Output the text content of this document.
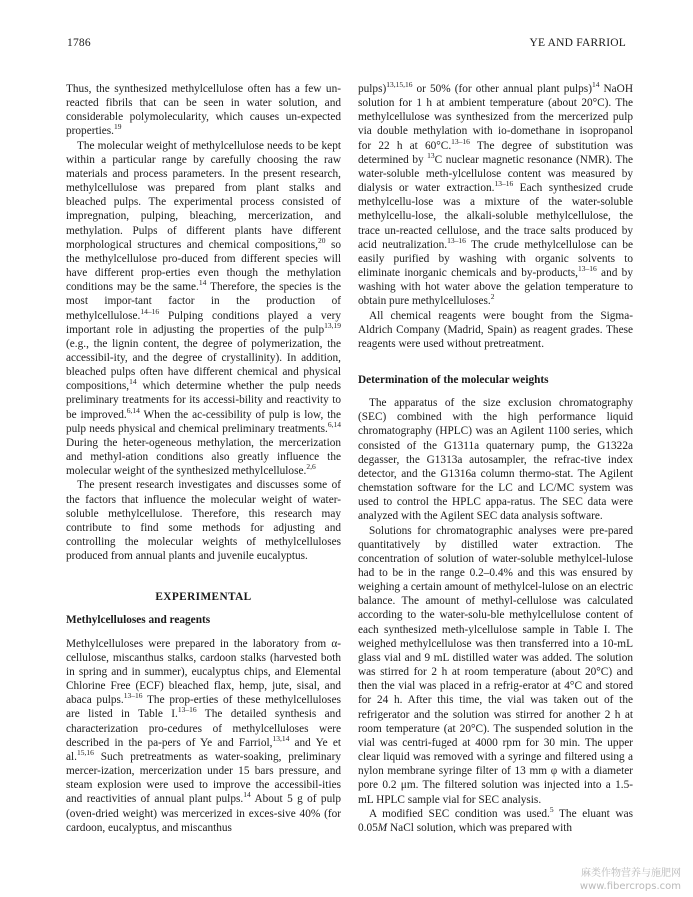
1786	YE AND FARRIOL

Thus, the synthesized methylcellulose often has a few un-reacted fibrils that can be seen in water solution, and considerable polymolecularity, which causes un-expected properties.$^{19}$

The molecular weight of methylcellulose needs to be kept within a particular range by carefully choosing the raw materials and process parameters. In the present research, methylcellulose was prepared from plant stalks and bleached pulps. The experimental process consisted of impregnation, pulping, bleaching, mercerization, and methylation. Pulps of different plants have different morphological structures and chemical compositions,$^{20}$ so the methylcellulose pro-duced from different species will have different prop-erties even though the methylation conditions may be the same.$^{14}$ Therefore, the species is the most impor-tant factor in the production of methylcellulose.$^{14-16}$ Pulping conditions played a very important role in adjusting the properties of the pulp$^{13,19}$ (e.g., the lignin content, the degree of polymerization, the accessibil-ity, and the degree of crystallinity). In addition, bleached pulps often have different chemical and physical compositions,$^{14}$ which determine whether the pulp needs preliminary treatments for its accessi-bility and reactivity to be improved.$^{6,14}$ When the ac-cessibility of pulp is low, the pulp needs physical and chemical preliminary treatments.$^{6,14}$ During the heter-ogeneous methylation, the mercerization and methyl-ation conditions also greatly influence the molecular weight of the synthesized methylcellulose.$^{2,6}$

The present research investigates and discusses some of the factors that influence the molecular weight of water-soluble methylcellulose. Therefore, this research may contribute to find some methods for adjusting and controlling the molecular weights of methylcelluloses produced from annual plants and juvenile eucalyptus.

EXPERIMENTAL

Methylcelluloses and reagents

Methylcelluloses were prepared in the laboratory from α-cellulose, miscanthus stalks, cardoon stalks (harvested both in spring and in summer), eucalyptus chips, and Elemental Chlorine Free (ECF) bleached flax, hemp, jute, sisal, and abaca pulps.$^{13-16}$ The prop-erties of these methylcelluloses are listed in Table I.$^{13-16}$ The detailed synthesis and characterization pro-cedures of methylcelluloses were described in the pa-pers of Ye and Farriol,$^{13,14}$ and Ye et al.$^{15,16}$ Such pretreatments as water-soaking, preliminary mercer-ization, mercerization under 15 bars pressure, and steam explosion were used to improve the accessibil-ities and reactivities of annual plant pulps.$^{14}$ About 5 g of pulp (oven-dried weight) was mercerized in exces-sive 40% (for cardoon, eucalyptus, and miscanthus

pulps)$^{13,15,16}$ or 50% (for other annual plant pulps)$^{14}$ NaOH solution for 1 h at ambient temperature (about 20°C). The methylcellulose was synthesized from the mercerized pulp via double methylation with io-domethane in isopropanol for 22 h at 60°C.$^{13-16}$ The degree of substitution was determined by $^{13}$C nuclear magnetic resonance (NMR). The water-soluble meth-ylcellulose content was measured by dialysis or water extraction.$^{13-16}$ Each synthesized crude methylcellu-lose was a mixture of the water-soluble methylcellu-lose, the alkali-soluble methylcellulose, the trace un-reacted cellulose, and the trace salts produced by acid neutralization.$^{13-16}$ The crude methylcellulose can be easily purified by washing with organic solvents to eliminate inorganic chemicals and by-products,$^{13-16}$ and by washing with hot water above the gelation temperature to obtain pure methylcelluloses.$^2$

All chemical reagents were bought from the Sigma-Aldrich Company (Madrid, Spain) as reagent grades. These reagents were used without pretreatment.

Determination of the molecular weights

The apparatus of the size exclusion chromatography (SEC) combined with the high performance liquid chromatography (HPLC) was an Agilent 1100 series, which consisted of the G1311a quaternary pump, the G1322a degasser, the G1313a autosampler, the refrac-tive index detector, and the G1316a column thermo-stat. The Agilent chemstation software for the LC and LC/MC system was used to control the HPLC appa-ratus. The SEC data were analyzed with the Agilent SEC data analysis software.

Solutions for chromatographic analyses were pre-pared quantitatively by distilled water extraction. The concentration of solution of water-soluble methylcel-lulose had to be in the range 0.2–0.4% and this was ensured by weighing a certain amount of methylcel-lulose on an electric balance. The amount of methyl-cellulose was calculated according to the water-solu-ble methylcellulose content of each synthesized meth-ylcellulose sample in Table I. The weighed methylcellulose was then transferred into a 10-mL glass vial and 9 mL distilled water was added. The solution was stirred for 2 h at room temperature (about 20°C) and then the vial was placed in a refrig-erator at 4°C and stored for 24 h. After this time, the vial was taken out of the refrigerator and the solution was stirred for another 2 h at room temperature (at 20°C). The suspended solution in the vial was centri-fuged at 4000 rpm for 30 min. The upper clear liquid was removed with a syringe and filtered using a nylon membrane syringe filter of 13 mm φ with a diameter pore 0.2 μm. The filtered solution was injected into a 1.5-mL HPLC sample vial for SEC analysis.

A modified SEC condition was used.$^5$ The eluant was 0.05M NaCl solution, which was prepared with

麻类作物营养与施肥网
www.fibercrops.com
